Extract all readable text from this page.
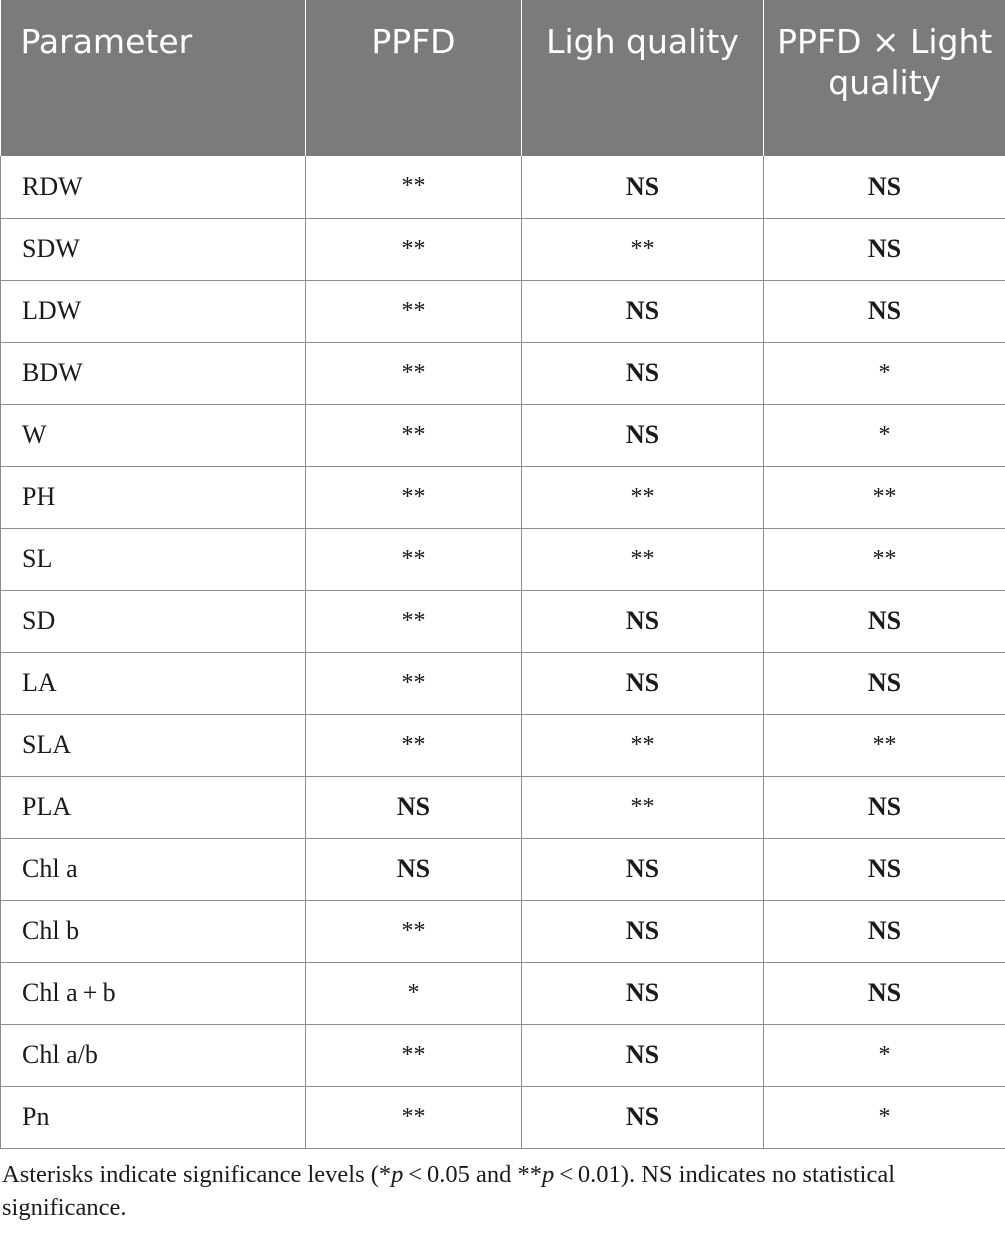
Parameter	PPFD	Ligh quality	PPFD × Light quality
RDW	**	NS	NS
SDW	**	**	NS
LDW	**	NS	NS
BDW	**	NS	*
W	**	NS	*
PH	**	**	**
SL	**	**	**
SD	**	NS	NS
LA	**	NS	NS
SLA	**	**	**
PLA	NS	**	NS
Chl a	NS	NS	NS
Chl b	**	NS	NS
Chl a + b	*	NS	NS
Chl a/b	**	NS	*
Pn	**	NS	*
Asterisks indicate significance levels (*p < 0.05 and **p < 0.01). NS indicates no statistical significance.
